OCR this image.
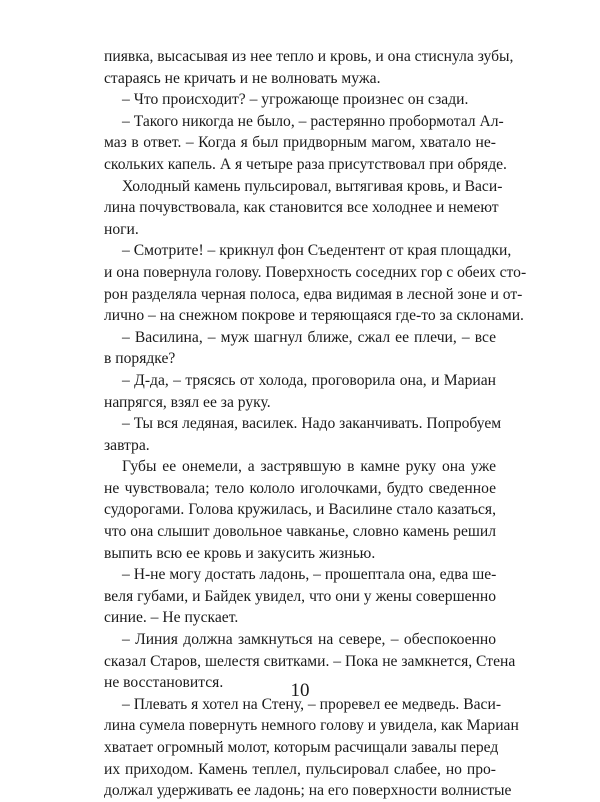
пиявка, высасывая из нее тепло и кровь, и она стиснула зубы,
стараясь не кричать и не волновать мужа.
– Что происходит? – угрожающе произнес он сзади.
– Такого никогда не было, – растерянно пробормотал Ал-
маз в ответ. – Когда я был придворным магом, хватало не-
скольких капель. А я четыре раза присутствовал при обряде.
Холодный камень пульсировал, вытягивая кровь, и Васи-
лина почувствовала, как становится все холоднее и немеют
ноги.
– Смотрите! – крикнул фон Съедентент от края площадки,
и она повернула голову. Поверхность соседних гор с обеих сто-
рон разделяла черная полоса, едва видимая в лесной зоне и от-
лично – на снежном покрове и теряющаяся где-то за склонами.
– Василина, – муж шагнул ближе, сжал ее плечи, – все
в порядке?
– Д-да, – трясясь от холода, проговорила она, и Мариан
напрягся, взял ее за руку.
– Ты вся ледяная, василек. Надо заканчивать. Попробуем
завтра.
Губы ее онемели, а застрявшую в камне руку она уже
не чувствовала; тело кололо иголочками, будто сведенное
судорогами. Голова кружилась, и Василине стало казаться,
что она слышит довольное чавканье, словно камень решил
выпить всю ее кровь и закусить жизнью.
– Н-не могу достать ладонь, – прошептала она, едва ше-
веля губами, и Байдек увидел, что они у жены совершенно
синие. – Не пускает.
– Линия должна замкнуться на севере, – обеспокоенно
сказал Старов, шелестя свитками. – Пока не замкнется, Стена
не восстановится.
– Плевать я хотел на Стену, – проревел ее медведь. Васи-
лина сумела повернуть немного голову и увидела, как Мариан
хватает огромный молот, которым расчищали завалы перед
их приходом. Камень теплел, пульсировал слабее, но про-
должал удерживать ее ладонь; на его поверхности волнистые
10
